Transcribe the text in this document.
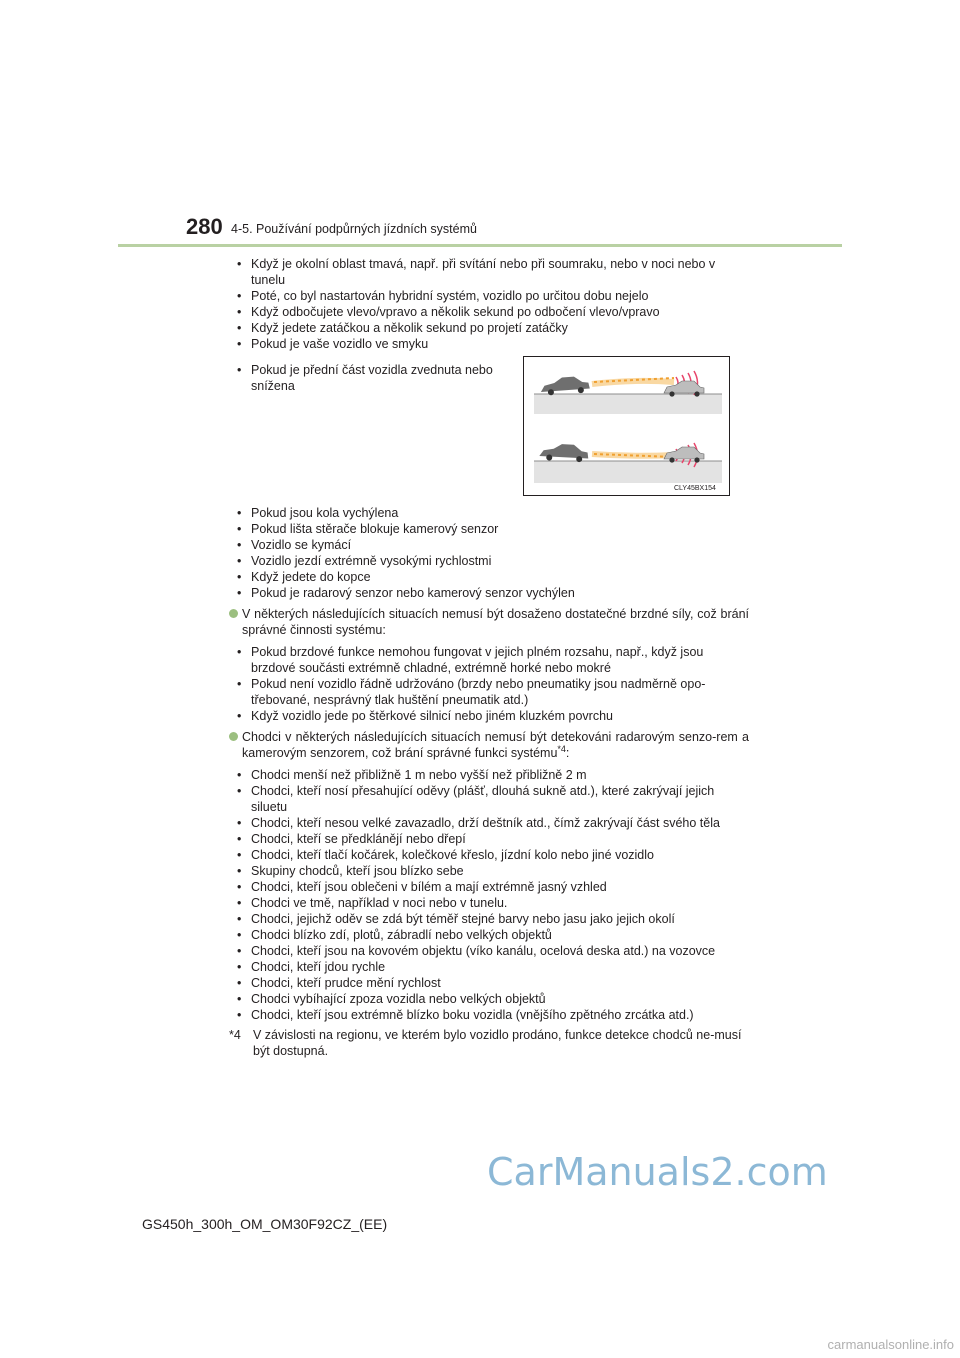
280 4-5. Používání podpůrných jízdních systémů
• Když je okolní oblast tmavá, např. při svítání nebo při soumraku, nebo v noci nebo v tunelu
• Poté, co byl nastartován hybridní systém, vozidlo po určitou dobu nejelo
• Když odbočujete vlevo/vpravo a několik sekund po odbočení vlevo/vpravo
• Když jedete zatáčkou a několik sekund po projetí zatáčky
• Pokud je vaše vozidlo ve smyku
• Pokud je přední část vozidla zvednuta nebo snížena
CLY45BX154
• Pokud jsou kola vychýlena
• Pokud lišta stěrače blokuje kamerový senzor
• Vozidlo se kymácí
• Vozidlo jezdí extrémně vysokými rychlostmi
• Když jedete do kopce
• Pokud je radarový senzor nebo kamerový senzor vychýlen
V některých následujících situacích nemusí být dosaženo dostatečné brzdné síly, což brání správné činnosti systému:
• Pokud brzdové funkce nemohou fungovat v jejich plném rozsahu, např., když jsou brzdové součásti extrémně chladné, extrémně horké nebo mokré
• Pokud není vozidlo řádně udržováno (brzdy nebo pneumatiky jsou nadměrně opo-třebované, nesprávný tlak huštění pneumatik atd.)
• Když vozidlo jede po štěrkové silnicí nebo jiném kluzkém povrchu
Chodci v některých následujících situacích nemusí být detekováni radarovým senzo-rem a kamerovým senzorem, což brání správné funkci systému$^{*4}$:
• Chodci menší než přibližně 1 m nebo vyšší než přibližně 2 m
• Chodci, kteří nosí přesahující oděvy (plášť, dlouhá sukně atd.), které zakrývají jejich siluetu
• Chodci, kteří nesou velké zavazadlo, drží deštník atd., čímž zakrývají část svého těla
• Chodci, kteří se předklánějí nebo dřepí
• Chodci, kteří tlačí kočárek, kolečkové křeslo, jízdní kolo nebo jiné vozidlo
• Skupiny chodců, kteří jsou blízko sebe
• Chodci, kteří jsou oblečeni v bílém a mají extrémně jasný vzhled
• Chodci ve tmě, například v noci nebo v tunelu.
• Chodci, jejichž oděv se zdá být téměř stejné barvy nebo jasu jako jejich okolí
• Chodci blízko zdí, plotů, zábradlí nebo velkých objektů
• Chodci, kteří jsou na kovovém objektu (víko kanálu, ocelová deska atd.) na vozovce
• Chodci, kteří jdou rychle
• Chodci, kteří prudce mění rychlost
• Chodci vybíhající zpoza vozidla nebo velkých objektů
• Chodci, kteří jsou extrémně blízko boku vozidla (vnějšího zpětného zrcátka atd.)
*4 V závislosti na regionu, ve kterém bylo vozidlo prodáno, funkce detekce chodců ne-musí být dostupná.
CarManuals2.com
GS450h_300h_OM_OM30F92CZ_(EE)
carmanualsonline.info
